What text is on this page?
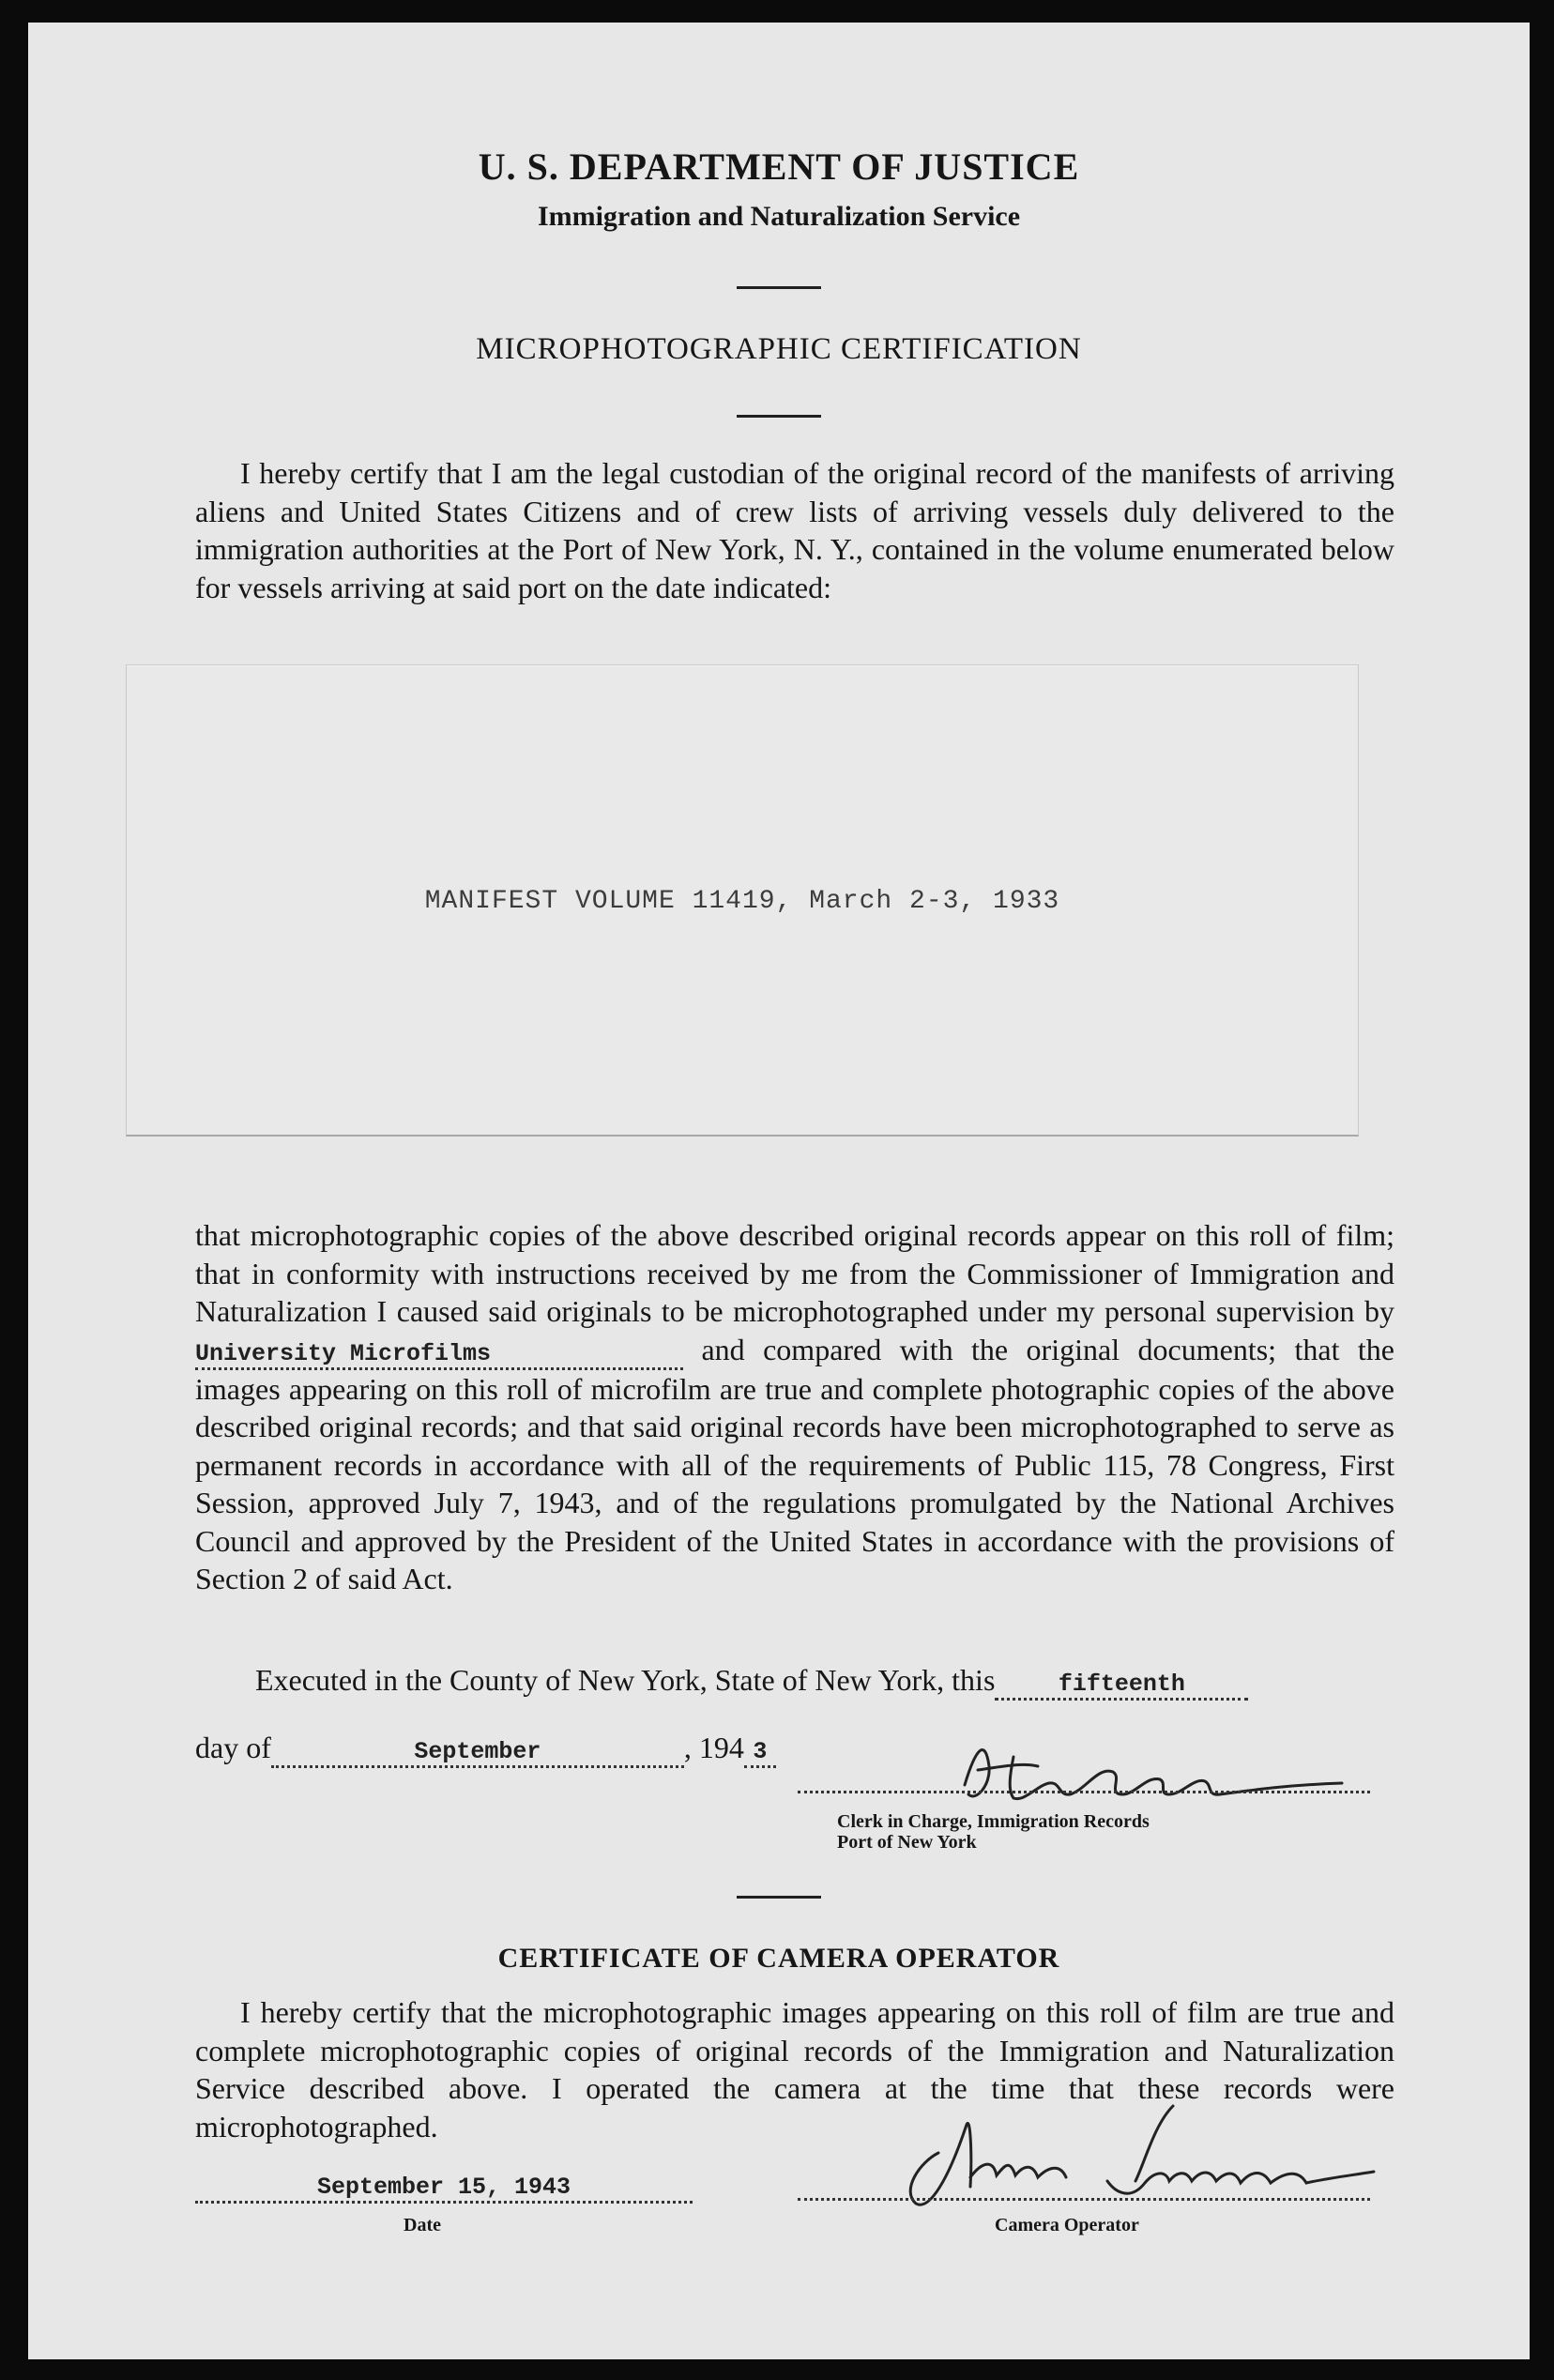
U. S. DEPARTMENT OF JUSTICE
Immigration and Naturalization Service
MICROPHOTOGRAPHIC CERTIFICATION
I hereby certify that I am the legal custodian of the original record of the manifests of arriving aliens and United States Citizens and of crew lists of arriving vessels duly delivered to the immigration authorities at the Port of New York, N. Y., contained in the volume enumerated below for vessels arriving at said port on the date indicated:
MANIFEST VOLUME 11419, March 2-3, 1933
that microphotographic copies of the above described original records appear on this roll of film; that in conformity with instructions received by me from the Commissioner of Immigration and Naturalization I caused said originals to be microphotographed under my personal supervision by University Microfilms	and compared with the original documents; that the images appearing on this roll of microfilm are true and complete photographic copies of the above described original records; and that said original records have been microphotographed to serve as permanent records in accordance with all of the requirements of Public 115, 78 Congress, First Session, approved July 7, 1943, and of the regulations promulgated by the National Archives Council and approved by the President of the United States in accordance with the provisions of Section 2 of said Act.
Executed in the County of New York, State of New York, this	fifteenth
day of	September	, 194 3
Clerk in Charge, Immigration Records
Port of New York
CERTIFICATE OF CAMERA OPERATOR
I hereby certify that the microphotographic images appearing on this roll of film are true and complete microphotographic copies of original records of the Immigration and Naturalization Service described above. I operated the camera at the time that these records were microphotographed.
September 15, 1943
Date	Camera Operator
